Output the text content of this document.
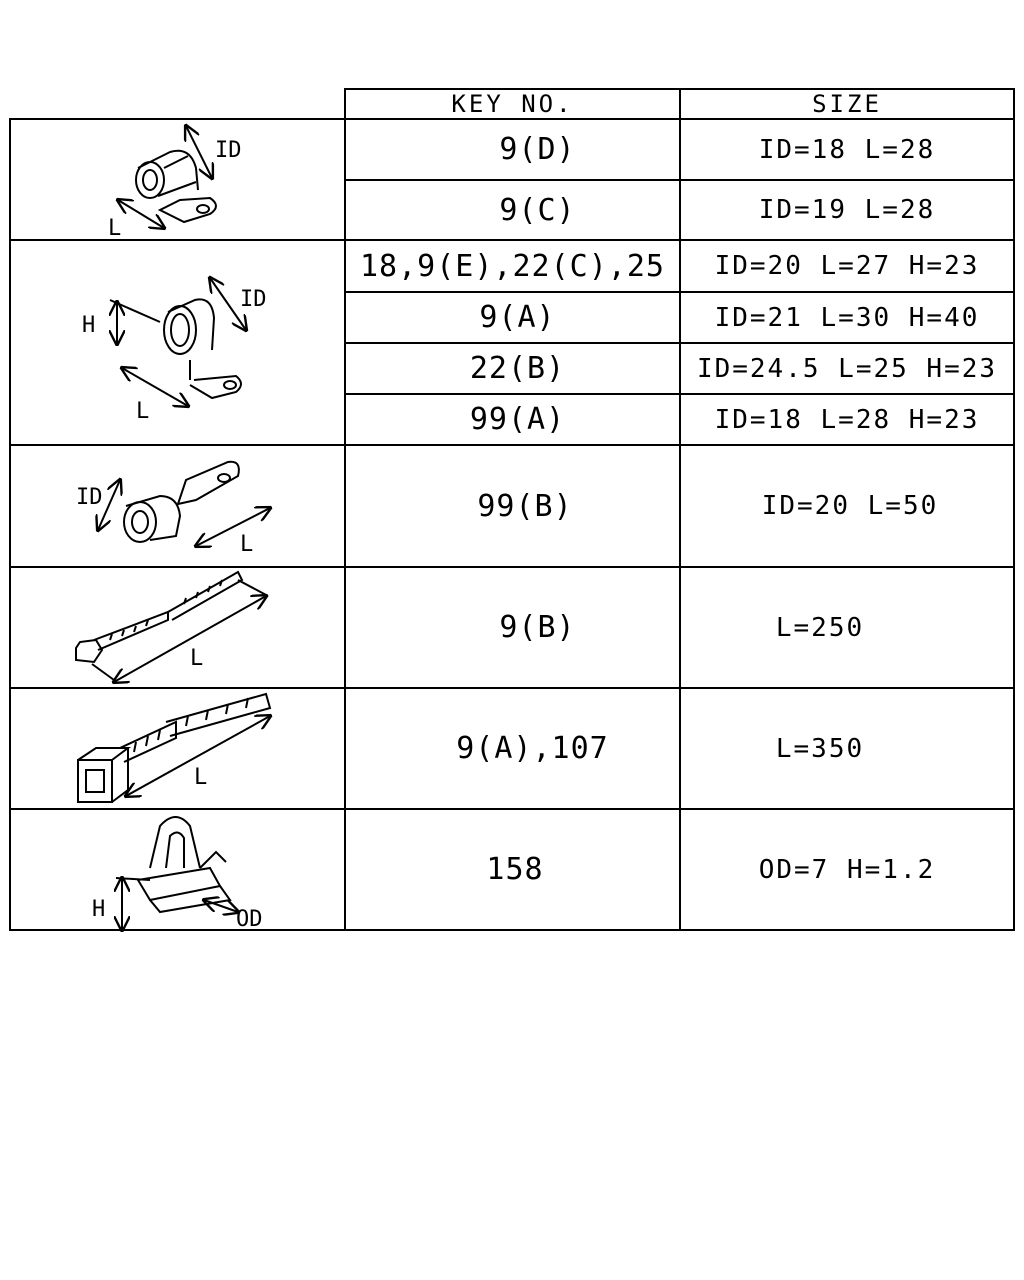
KEY NO.	SIZE
9(D)	ID=18 L=28
9(C)	ID=19 L=28
18,9(E),22(C),25	ID=20 L=27 H=23
9(A)	ID=21 L=30 H=40
22(B)	ID=24.5 L=25 H=23
99(A)	ID=18 L=28 H=23
99(B)	ID=20 L=50
9(B)	L=250
9(A),107	L=350
158	OD=7 H=1.2
ID
L
ID
H
L
ID
L
L
L
H	OD
